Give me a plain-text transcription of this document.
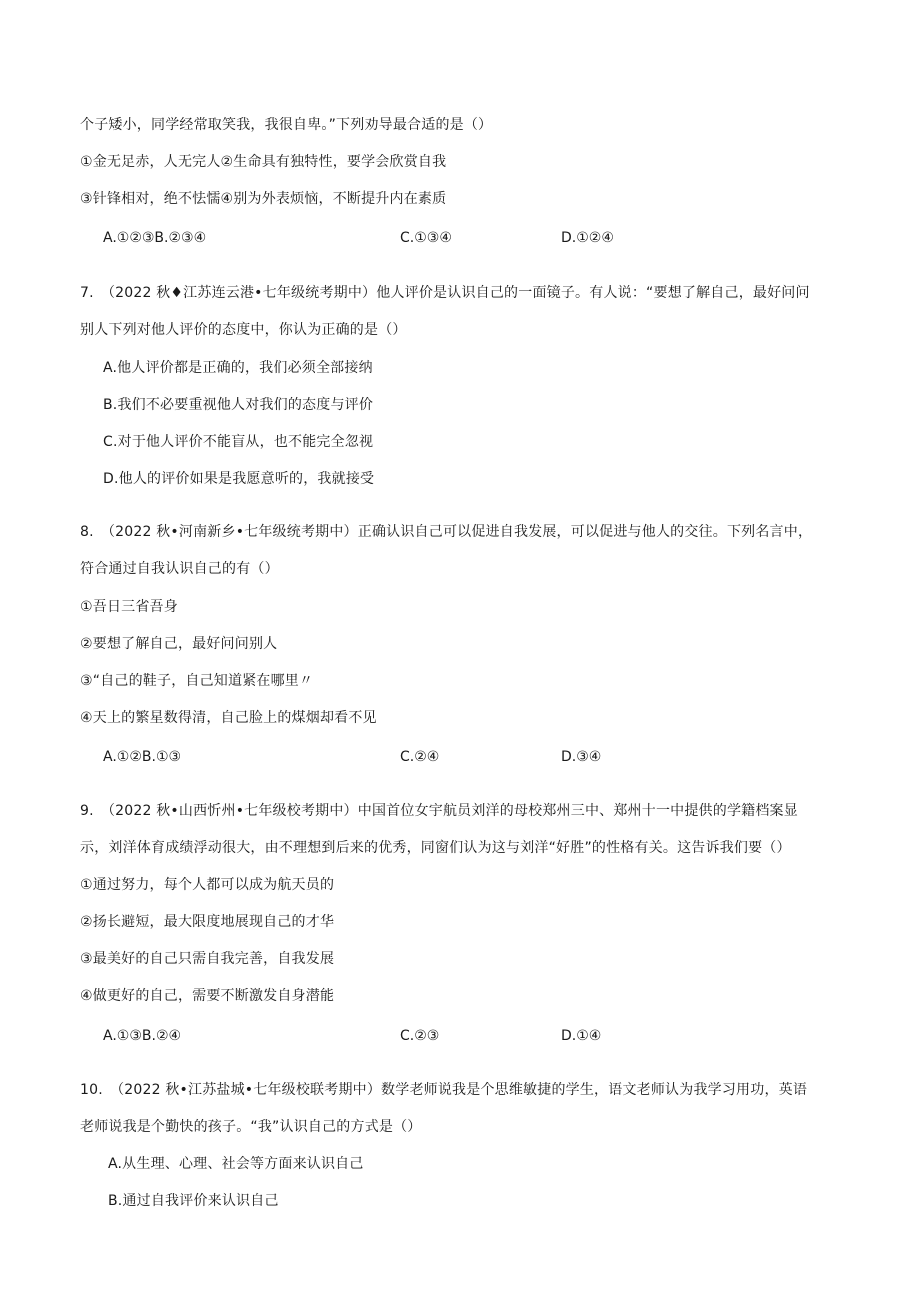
个子矮小，同学经常取笑我，我很自卑。”下列劝导最合适的是（）
①金无足赤，人无完人②生命具有独特性，要学会欣赏自我
③针锋相对，绝不怯懦④别为外表烦恼，不断提升内在素质
A.①②③B.②③④	C.①③④	D.①②④
7.　（2022 秋♦江苏连云港•七年级统考期中）他人评价是认识自己的一面镜子。有人说：“要想了解自己，最好问问
别人下列对他人评价的态度中，你认为正确的是（）
A.他人评价都是正确的，我们必须全部接纳
B.我们不必要重视他人对我们的态度与评价
C.对于他人评价不能盲从，也不能完全忽视
D.他人的评价如果是我愿意听的，我就接受
8.　（2022 秋•河南新乡•七年级统考期中）正确认识自己可以促进自我发展，可以促进与他人的交往。下列名言中，
符合通过自我认识自己的有（）
①吾日三省吾身
②要想了解自己，最好问问别人
③“自己的鞋子，自己知道紧在哪里〃
④天上的繁星数得清，自己脸上的煤烟却看不见
A.①②B.①③	C.②④	D.③④
9.　（2022 秋•山西忻州•七年级校考期中）中国首位女宇航员刘洋的母校郑州三中、郑州十一中提供的学籍档案显
示，刘洋体育成绩浮动很大，由不理想到后来的优秀，同窗们认为这与刘洋“好胜”的性格有关。这告诉我们要（）
①通过努力，每个人都可以成为航天员的
②扬长避短，最大限度地展现自己的才华
③最美好的自己只需自我完善，自我发展
④做更好的自己，需要不断激发自身潜能
A.①③B.②④	C.②③	D.①④
10.　（2022 秋•江苏盐城•七年级校联考期中）数学老师说我是个思维敏捷的学生，语文老师认为我学习用功，英语
老师说我是个勤快的孩子。“我”认识自己的方式是（）
A.从生理、心理、社会等方面来认识自己
B.通过自我评价来认识自己
